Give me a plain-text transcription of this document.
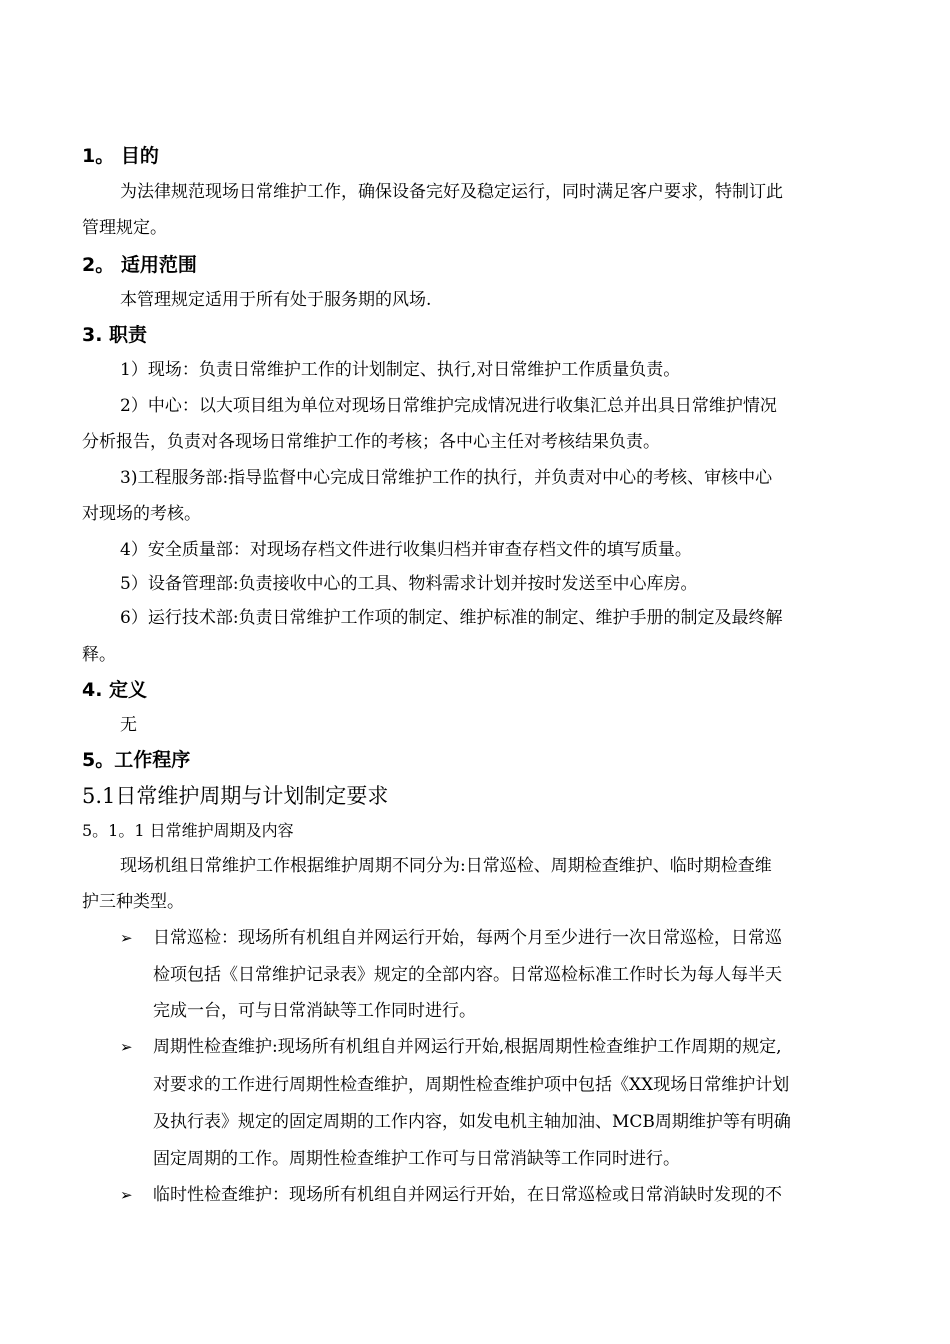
1。 目的
为法律规范现场日常维护工作，确保设备完好及稳定运行，同时满足客户要求，特制订此
管理规定。
2。 适用范围
本管理规定适用于所有处于服务期的风场.
3. 职责
1）现场：负责日常维护工作的计划制定、执行,对日常维护工作质量负责。
2）中心：以大项目组为单位对现场日常维护完成情况进行收集汇总并出具日常维护情况
分析报告，负责对各现场日常维护工作的考核；各中心主任对考核结果负责。
3)工程服务部:指导监督中心完成日常维护工作的执行，并负责对中心的考核、审核中心
对现场的考核。
4）安全质量部：对现场存档文件进行收集归档并审查存档文件的填写质量。
5）设备管理部:负责接收中心的工具、物料需求计划并按时发送至中心库房。
6）运行技术部:负责日常维护工作项的制定、维护标准的制定、维护手册的制定及最终解
释。
4. 定义
无
5。工作程序
5.1日常维护周期与计划制定要求
5。1。1 日常维护周期及内容
现场机组日常维护工作根据维护周期不同分为:日常巡检、周期检查维护、临时期检查维
护三种类型。
➢ 日常巡检：现场所有机组自并网运行开始，每两个月至少进行一次日常巡检，日常巡
检项包括《日常维护记录表》规定的全部内容。日常巡检标准工作时长为每人每半天
完成一台，可与日常消缺等工作同时进行。
➢ 周期性检查维护:现场所有机组自并网运行开始,根据周期性检查维护工作周期的规定,
对要求的工作进行周期性检查维护，周期性检查维护项中包括《XX现场日常维护计划
及执行表》规定的固定周期的工作内容，如发电机主轴加油、MCB周期维护等有明确
固定周期的工作。周期性检查维护工作可与日常消缺等工作同时进行。
➢ 临时性检查维护：现场所有机组自并网运行开始，在日常巡检或日常消缺时发现的不
